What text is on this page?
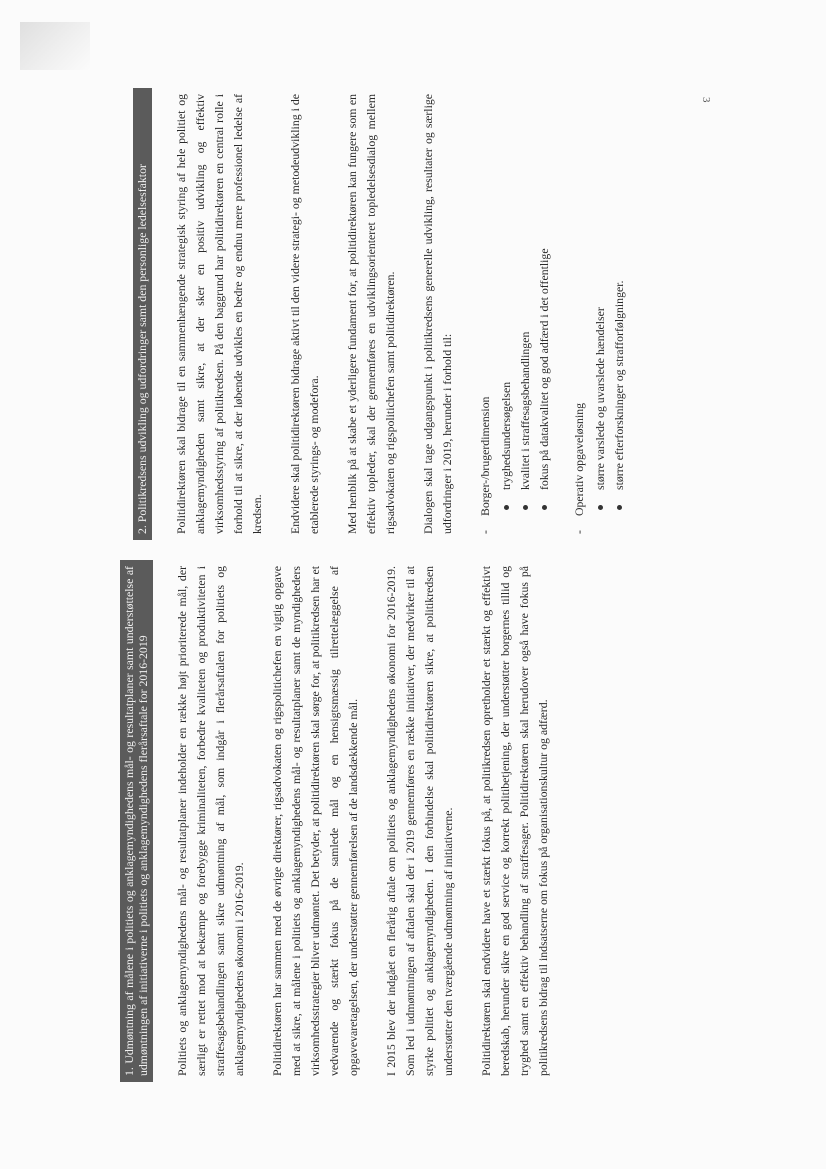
3
1. Udmøntning af målene i politiets og anklagemyndighedens mål- og resultatplaner samt understøttelse af udmøntningen af initiativerne i politiets og anklagemyndighedens flerårsaftale for 2016-2019 Politiets og anklagemyndighedens mål- og resultatplaner indeholder en række højt prioriterede mål, der særligt er rettet mod at bekæmpe og forebygge kriminaliteten, forbedre kvaliteten og produktiviteten i straffesagsbehandlingen samt sikre udmøntning af mål, som indgår i flerårsaftalen for politiets og anklagemyndighedens økonomi i 2016-2019. Politidirektøren har sammen med de øvrige direktører, rigsadvokaten og rigspolitichefen en vigtig opgave med at sikre, at målene i politiets og anklagemyndighedens mål- og resultatplaner samt de myndigheders virksomhedsstrategier bliver udmøntet. Det betyder, at politidirektøren skal sørge for, at politikredsen har et vedvarende og stærkt fokus på de samlede mål og en hensigtsmæssig tilrettelæggelse af opgavevaretagelsen, der understøtter gennemførelsen af de landsdækkende mål. I 2015 blev der indgået en flerårig aftale om politiets og anklagemyndighedens økonomi for 2016-2019. Som led i udmøntningen af aftalen skal der i 2019 gennemføres en række initiativer, der medvirker til at styrke politiet og anklagemyndigheden. I den forbindelse skal politidirektøren sikre, at politikredsen understøtter den tværgående udmøntning af initiativerne. Politidirektøren skal endvidere have et stærkt fokus på, at politikredsen opretholder et stærkt og effektivt beredskab, herunder sikre en god service og korrekt politibetjening, der understøtter borgernes tillid og tryghed samt en effektiv behandling af straffesager. Politidirektøren skal herudover også have fokus på politikredsens bidrag til indsatserne om fokus på organisationskultur og adfærd.

2. Politikredsens udvikling og udfordringer samt den personlige ledelsesfaktor Politidirektøren skal bidrage til en sammenhængende strategisk styring af hele politiet og anklagemyndigheden samt sikre, at der sker en positiv udvikling og effektiv virksomhedsstyring af politikredsen. På den baggrund har politidirektøren en central rolle i forhold til at sikre, at der løbende udvikles en bedre og endnu mere professionel ledelse af kredsen. Endvidere skal politidirektøren bidrage aktivt til den videre strategi- og metodeudvikling i de etablerede styrings- og modefora. Med henblik på at skabe et yderligere fundament for, at politidirektøren kan fungere som en effektiv topleder, skal der gennemføres en udviklingsorienteret topledelsesdialog mellem rigsadvokaten og rigspolitichefen samt politidirektøren. Dialogen skal tage udgangspunkt i politikredsens generelle udvikling, resultater og særlige udfordringer i 2019, herunder i forhold til: -
Borger-/brugerdimension tryghedsundersøgelsen kvalitet i straffesagsbehandlingen fokus på datakvalitet og god adfærd i det offentlige
-
Operativ opgaveløsning større varslede og uvarslede hændelser større efterforskninger og strafforfølgninger.
